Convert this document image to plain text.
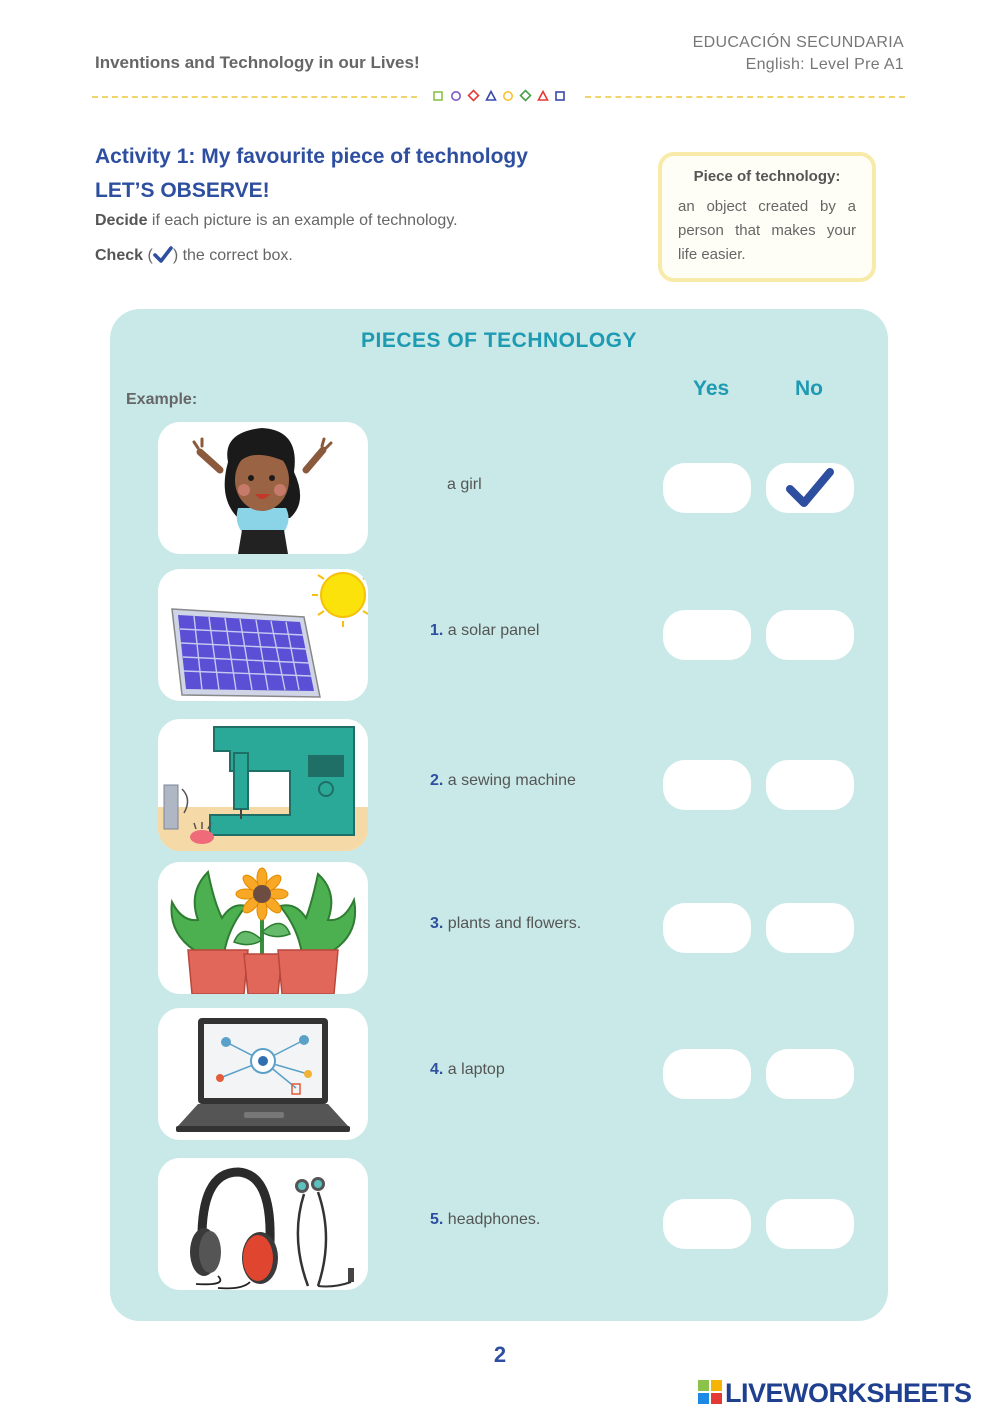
Inventions and Technology in our Lives!
EDUCACIÓN SECUNDARIA
English: Level Pre A1
Activity 1: My favourite piece of technology
LET’S OBSERVE!
Decide if each picture is an example of technology.
Check ( ) the correct box.
Piece of technology:
an object created by a person that makes your life easier.
PIECES OF TECHNOLOGY
Yes	No
Example:
a girl
1. a solar panel
2. a sewing machine
3. plants and flowers.
4. a laptop
5. headphones.
2
LIVEWORKSHEETS
